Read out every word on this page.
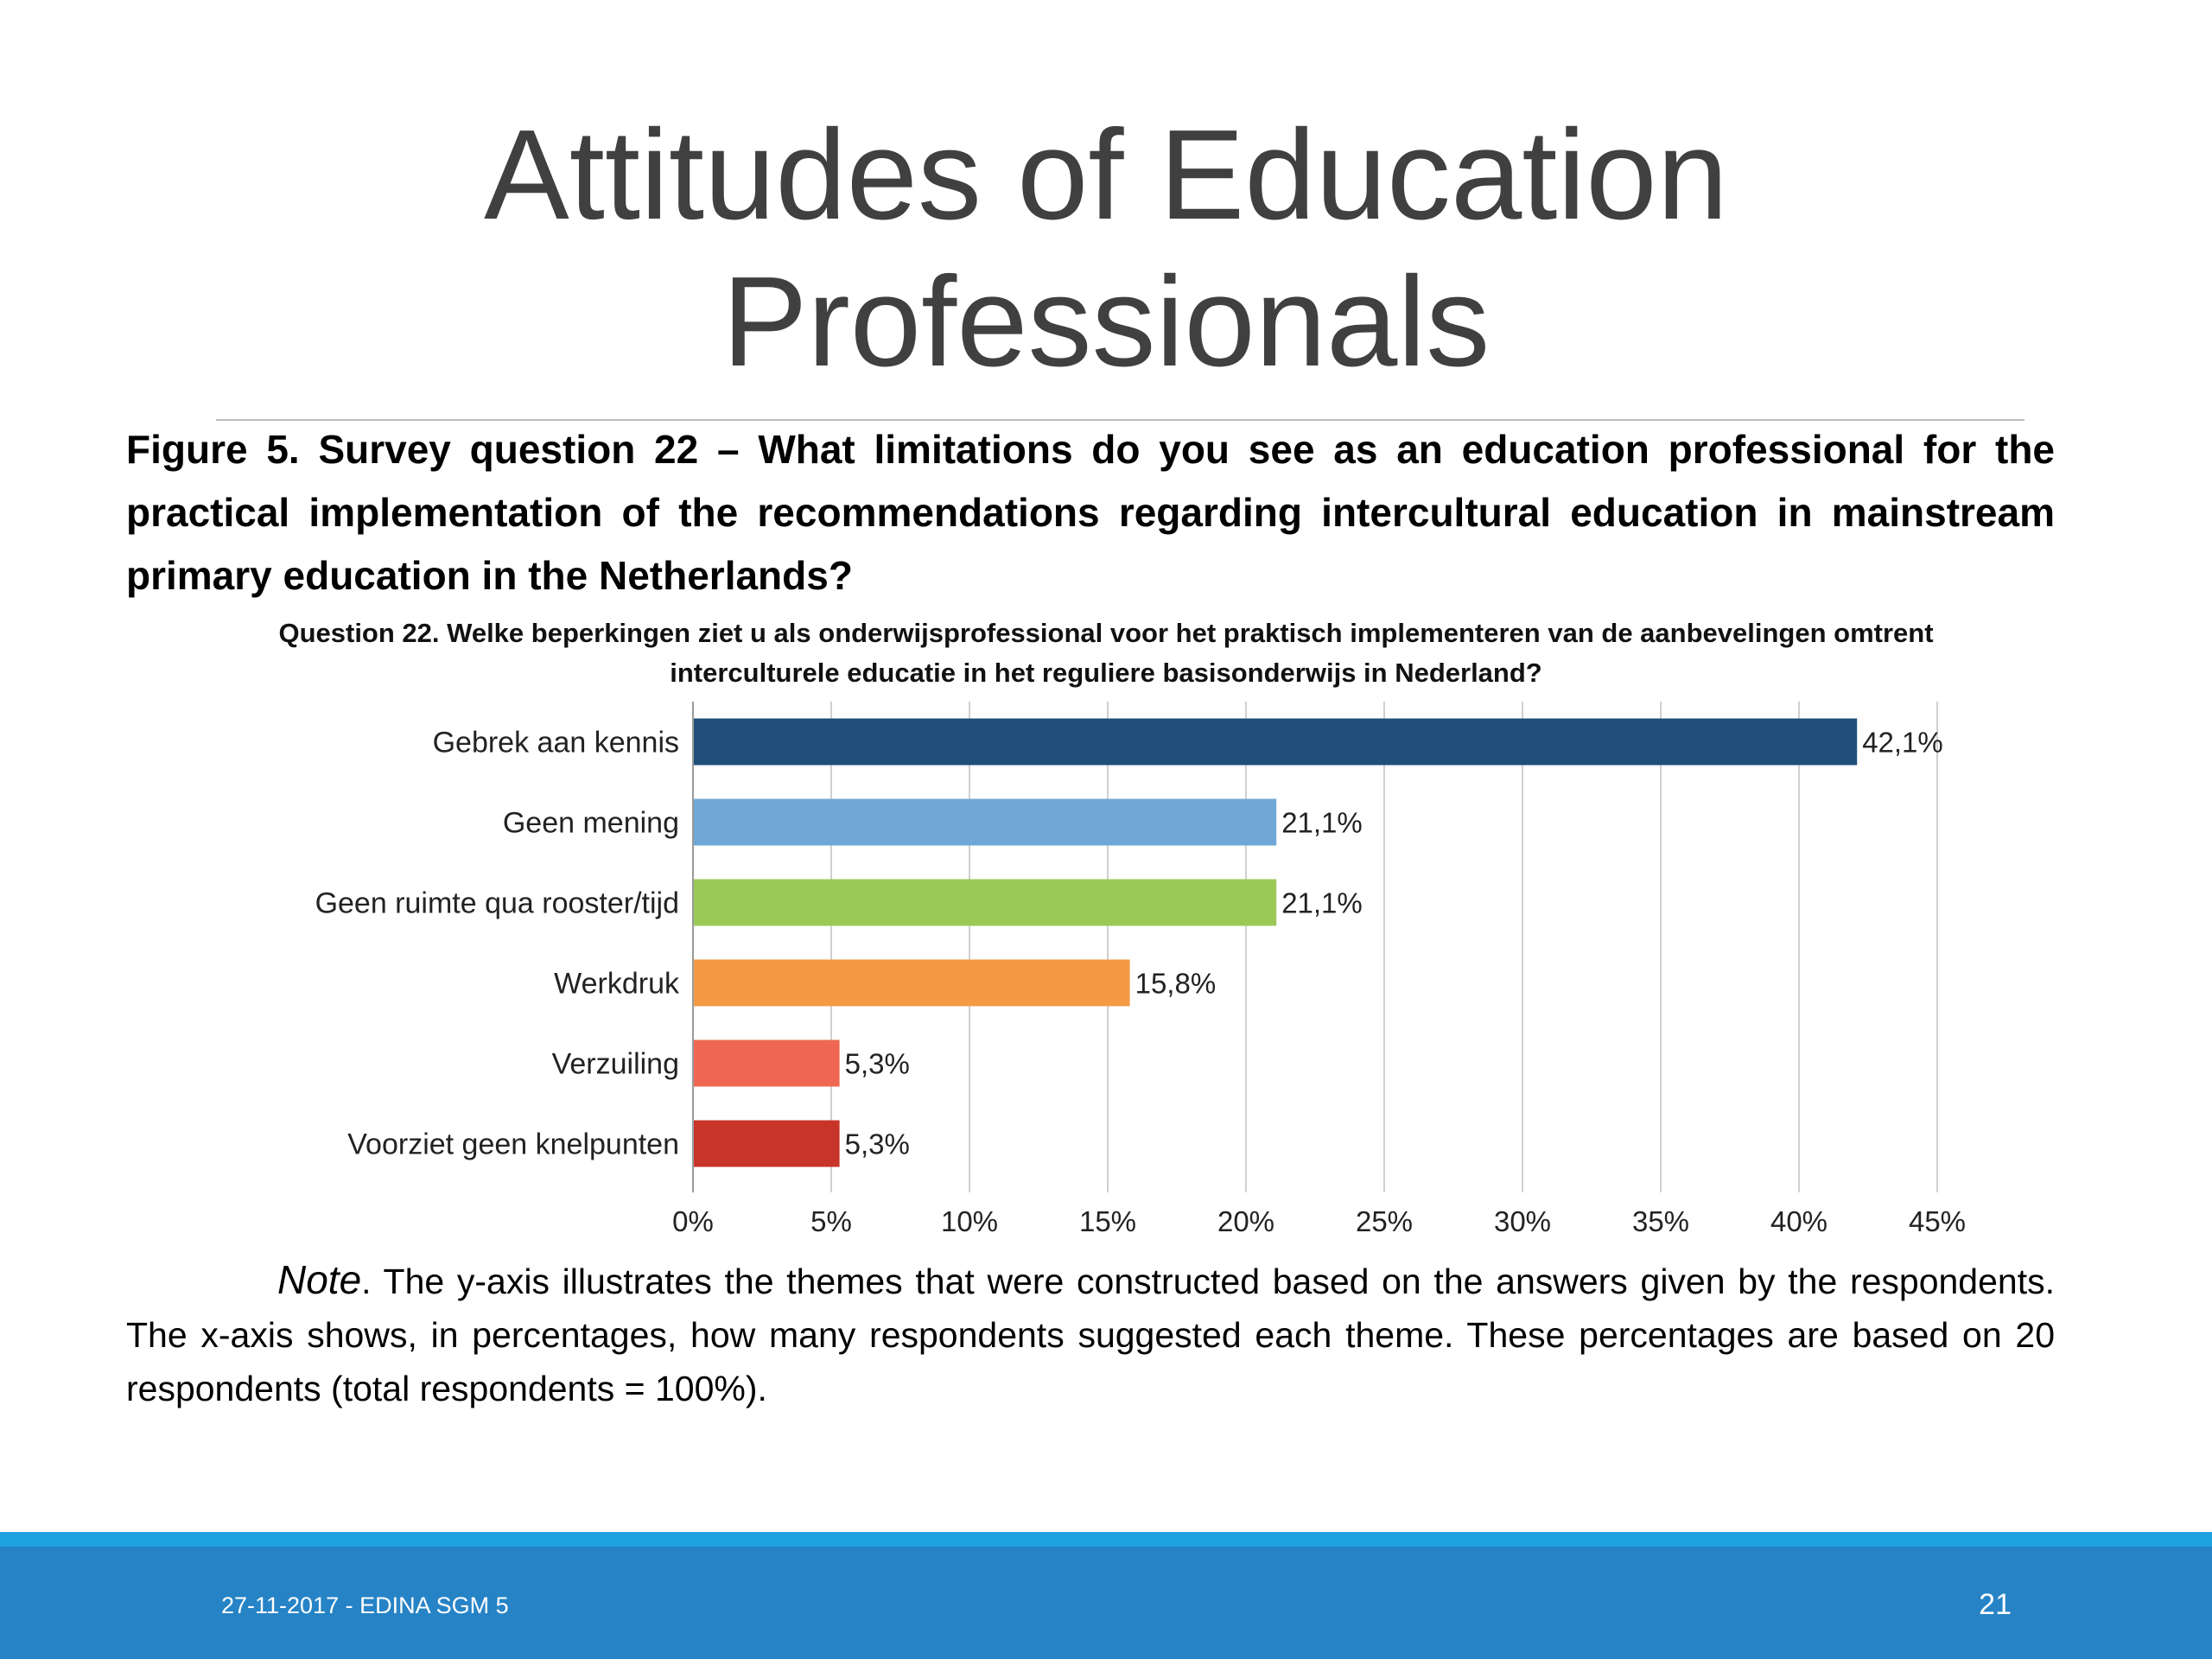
Attitudes of Education
Professionals

Figure 5. Survey question 22 – What limitations do you see as an education professional for the practical implementation of the recommendations regarding intercultural education in mainstream primary education in the Netherlands?

Question 22. Welke beperkingen ziet u als onderwijsprofessional voor het praktisch implementeren van de aanbevelingen omtrent interculturele educatie in het reguliere basisonderwijs in Nederland?

0%	5%	10%	15%	20%	25%	30%	35%	40%	45%
Gebrek aan kennis	42,1%
Geen mening	21,1%
Geen ruimte qua rooster/tijd	21,1%
Werkdruk	15,8%
Verzuiling	5,3%
Voorziet geen knelpunten	5,3%

Note. The y-axis illustrates the themes that were constructed based on the answers given by the respondents. The x-axis shows, in percentages, how many respondents suggested each theme. These percentages are based on 20 respondents (total respondents = 100%).

27-11-2017 - EDINA SGM 5	21
